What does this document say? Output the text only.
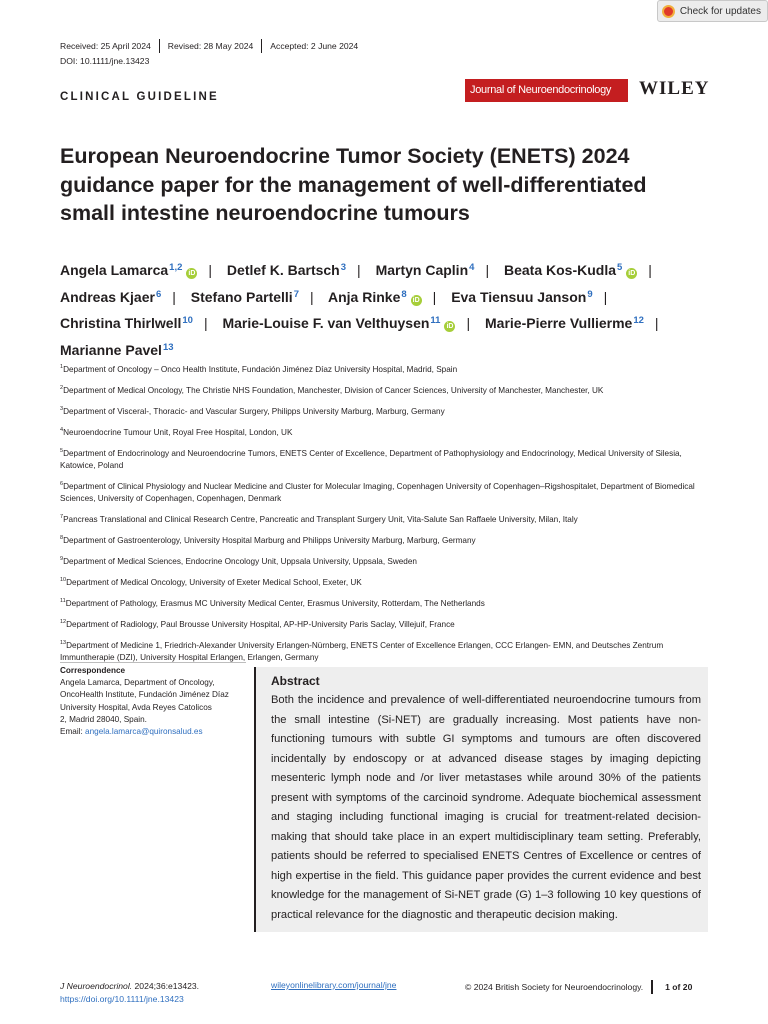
Check for updates
Received: 25 April 2024	Revised: 28 May 2024	Accepted: 2 June 2024
DOI: 10.1111/jne.13423
CLINICAL GUIDELINE
Journal of Neuroendocrinology	WILEY
European Neuroendocrine Tumor Society (ENETS) 2024 guidance paper for the management of well-differentiated small intestine neuroendocrine tumours
Angela Lamarca$^{1,2}$iD | Detlef K. Bartsch$^3$ | Martyn Caplin$^4$ | Beata Kos-Kudla$^5$iD | Andreas Kjaer$^6$ | Stefano Partelli$^7$ | Anja Rinke$^8$iD | Eva Tiensuu Janson$^9$ | Christina Thirlwell$^{10}$ | Marie-Louise F. van Velthuysen$^{11}$iD | Marie-Pierre Vullierme$^{12}$ | Marianne Pavel$^{13}$
$^1$Department of Oncology – Onco Health Institute, Fundación Jiménez Díaz University Hospital, Madrid, Spain
$^2$Department of Medical Oncology, The Christie NHS Foundation, Manchester, Division of Cancer Sciences, University of Manchester, Manchester, UK
$^3$Department of Visceral-, Thoracic- and Vascular Surgery, Philipps University Marburg, Marburg, Germany
$^4$Neuroendocrine Tumour Unit, Royal Free Hospital, London, UK
$^5$Department of Endocrinology and Neuroendocrine Tumors, ENETS Center of Excellence, Department of Pathophysiology and Endocrinology, Medical University of Silesia, Katowice, Poland
$^6$Department of Clinical Physiology and Nuclear Medicine and Cluster for Molecular Imaging, Copenhagen University of Copenhagen–Rigshospitalet, Department of Biomedical Sciences, University of Copenhagen, Copenhagen, Denmark
$^7$Pancreas Translational and Clinical Research Centre, Pancreatic and Transplant Surgery Unit, Vita-Salute San Raffaele University, Milan, Italy
$^8$Department of Gastroenterology, University Hospital Marburg and Philipps University Marburg, Marburg, Germany
$^9$Department of Medical Sciences, Endocrine Oncology Unit, Uppsala University, Uppsala, Sweden
$^{10}$Department of Medical Oncology, University of Exeter Medical School, Exeter, UK
$^{11}$Department of Pathology, Erasmus MC University Medical Center, Erasmus University, Rotterdam, The Netherlands
$^{12}$Department of Radiology, Paul Brousse University Hospital, AP-HP-University Paris Saclay, Villejuif, France
$^{13}$Department of Medicine 1, Friedrich-Alexander University Erlangen-Nürnberg, ENETS Center of Excellence Erlangen, CCC Erlangen- EMN, and Deutsches Zentrum Immuntherapie (DZI), University Hospital Erlangen, Erlangen, Germany
Correspondence
Angela Lamarca, Department of Oncology,
OncoHealth Institute, Fundación Jiménez Díaz
University Hospital, Avda Reyes Catolicos
2, Madrid 28040, Spain.
Email: angela.lamarca@quironsalud.es
Abstract

Both the incidence and prevalence of well-differentiated neuroendocrine tumours from the small intestine (Si-NET) are gradually increasing. Most patients have non-functioning tumours with subtle GI symptoms and tumours are often discovered incidentally by endoscopy or at advanced disease stages by imaging depicting mesenteric lymph node and /or liver metastases while around 30% of the patients present with symptoms of the carcinoid syndrome. Adequate biochemical assessment and staging including functional imaging is crucial for treatment-related decision-making that should take place in an expert multidisciplinary team setting. Preferably, patients should be referred to specialised ENETS Centres of Excellence or centres of high expertise in the field. This guidance paper provides the current evidence and best knowledge for the management of Si-NET grade (G) 1–3 following 10 key questions of practical relevance for the diagnostic and therapeutic decision making.

J Neuroendocrinol. 2024;36:e13423.
https://doi.org/10.1111/jne.13423
wileyonlinelibrary.com/journal/jne	© 2024 British Society for Neuroendocrinology.	1 of 20
